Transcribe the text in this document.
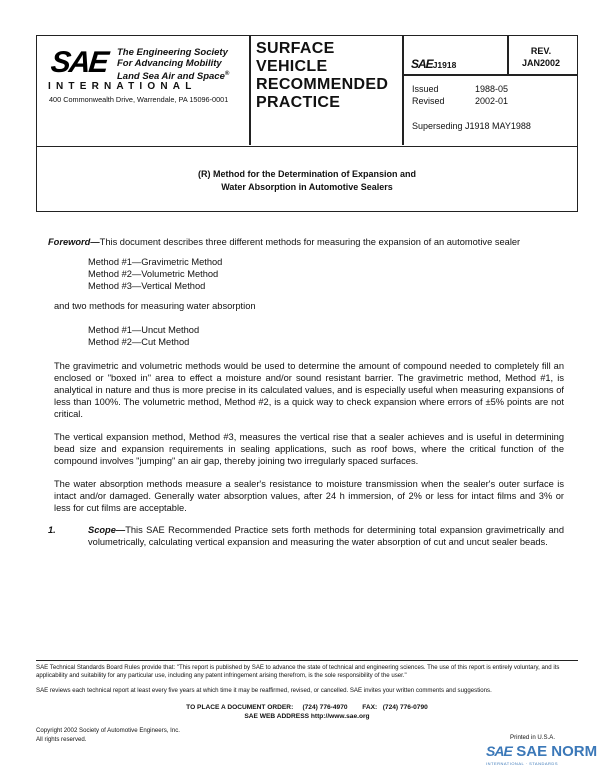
SAE The Engineering Society
For Advancing Mobility
Land Sea Air and Space®
INTERNATIONAL
400 Commonwealth Drive, Warrendale, PA 15096-0001
SURFACE
VEHICLE
RECOMMENDED
PRACTICE
SAEJ1918
REV.
JAN2002
Issued	1988-05
Revised	2002-01
Superseding J1918 MAY1988
(R) Method for the Determination of Expansion and
Water Absorption in Automotive Sealers
Foreword—This document describes three different methods for measuring the expansion of an automotive sealer
Method #1—Gravimetric Method
Method #2—Volumetric Method
Method #3—Vertical Method
and two methods for measuring water absorption
Method #1—Uncut Method
Method #2—Cut Method
The gravimetric and volumetric methods would be used to determine the amount of compound needed to completely fill an enclosed or "boxed in" area to effect a moisture and/or sound resistant barrier. The gravimetric method, Method #1, is analytical in nature and thus is more precise in its calculated values, and is especially useful when measuring expansions of less than 100%. The volumetric method, Method #2, is a quick way to check expansion where errors of ±5% points are not critical.
The vertical expansion method, Method #3, measures the vertical rise that a sealer achieves and is useful in determining bead size and expansion requirements in sealing applications, such as roof bows, where the critical function of the compound involves "jumping" an air gap, thereby joining two irregularly spaced surfaces.
The water absorption methods measure a sealer's resistance to moisture transmission when the sealer's outer surface is intact and/or damaged. Generally water absorption values, after 24 h immersion, of 2% or less for intact films and 3% or less for cut films are acceptable.
1.	Scope—This SAE Recommended Practice sets forth methods for determining total expansion gravimetrically and volumetrically, calculating vertical expansion and measuring the water absorption of cut and uncut sealer beads.
SAE Technical Standards Board Rules provide that: "This report is published by SAE to advance the state of technical and engineering sciences. The use of this report is entirely voluntary, and its applicability and suitability for any particular use, including any patent infringement arising therefrom, is the sole responsibility of the user."
SAE reviews each technical report at least every five years at which time it may be reaffirmed, revised, or cancelled. SAE invites your written comments and suggestions.
TO PLACE A DOCUMENT ORDER: (724) 776-4970 FAX: (724) 776-0790
SAE WEB ADDRESS http://www.sae.org
Copyright 2002 Society of Automotive Engineers, Inc.
All rights reserved.	Printed in U.S.A.
SAE SAE NORM
INTERNATIONAL · STANDARDS
